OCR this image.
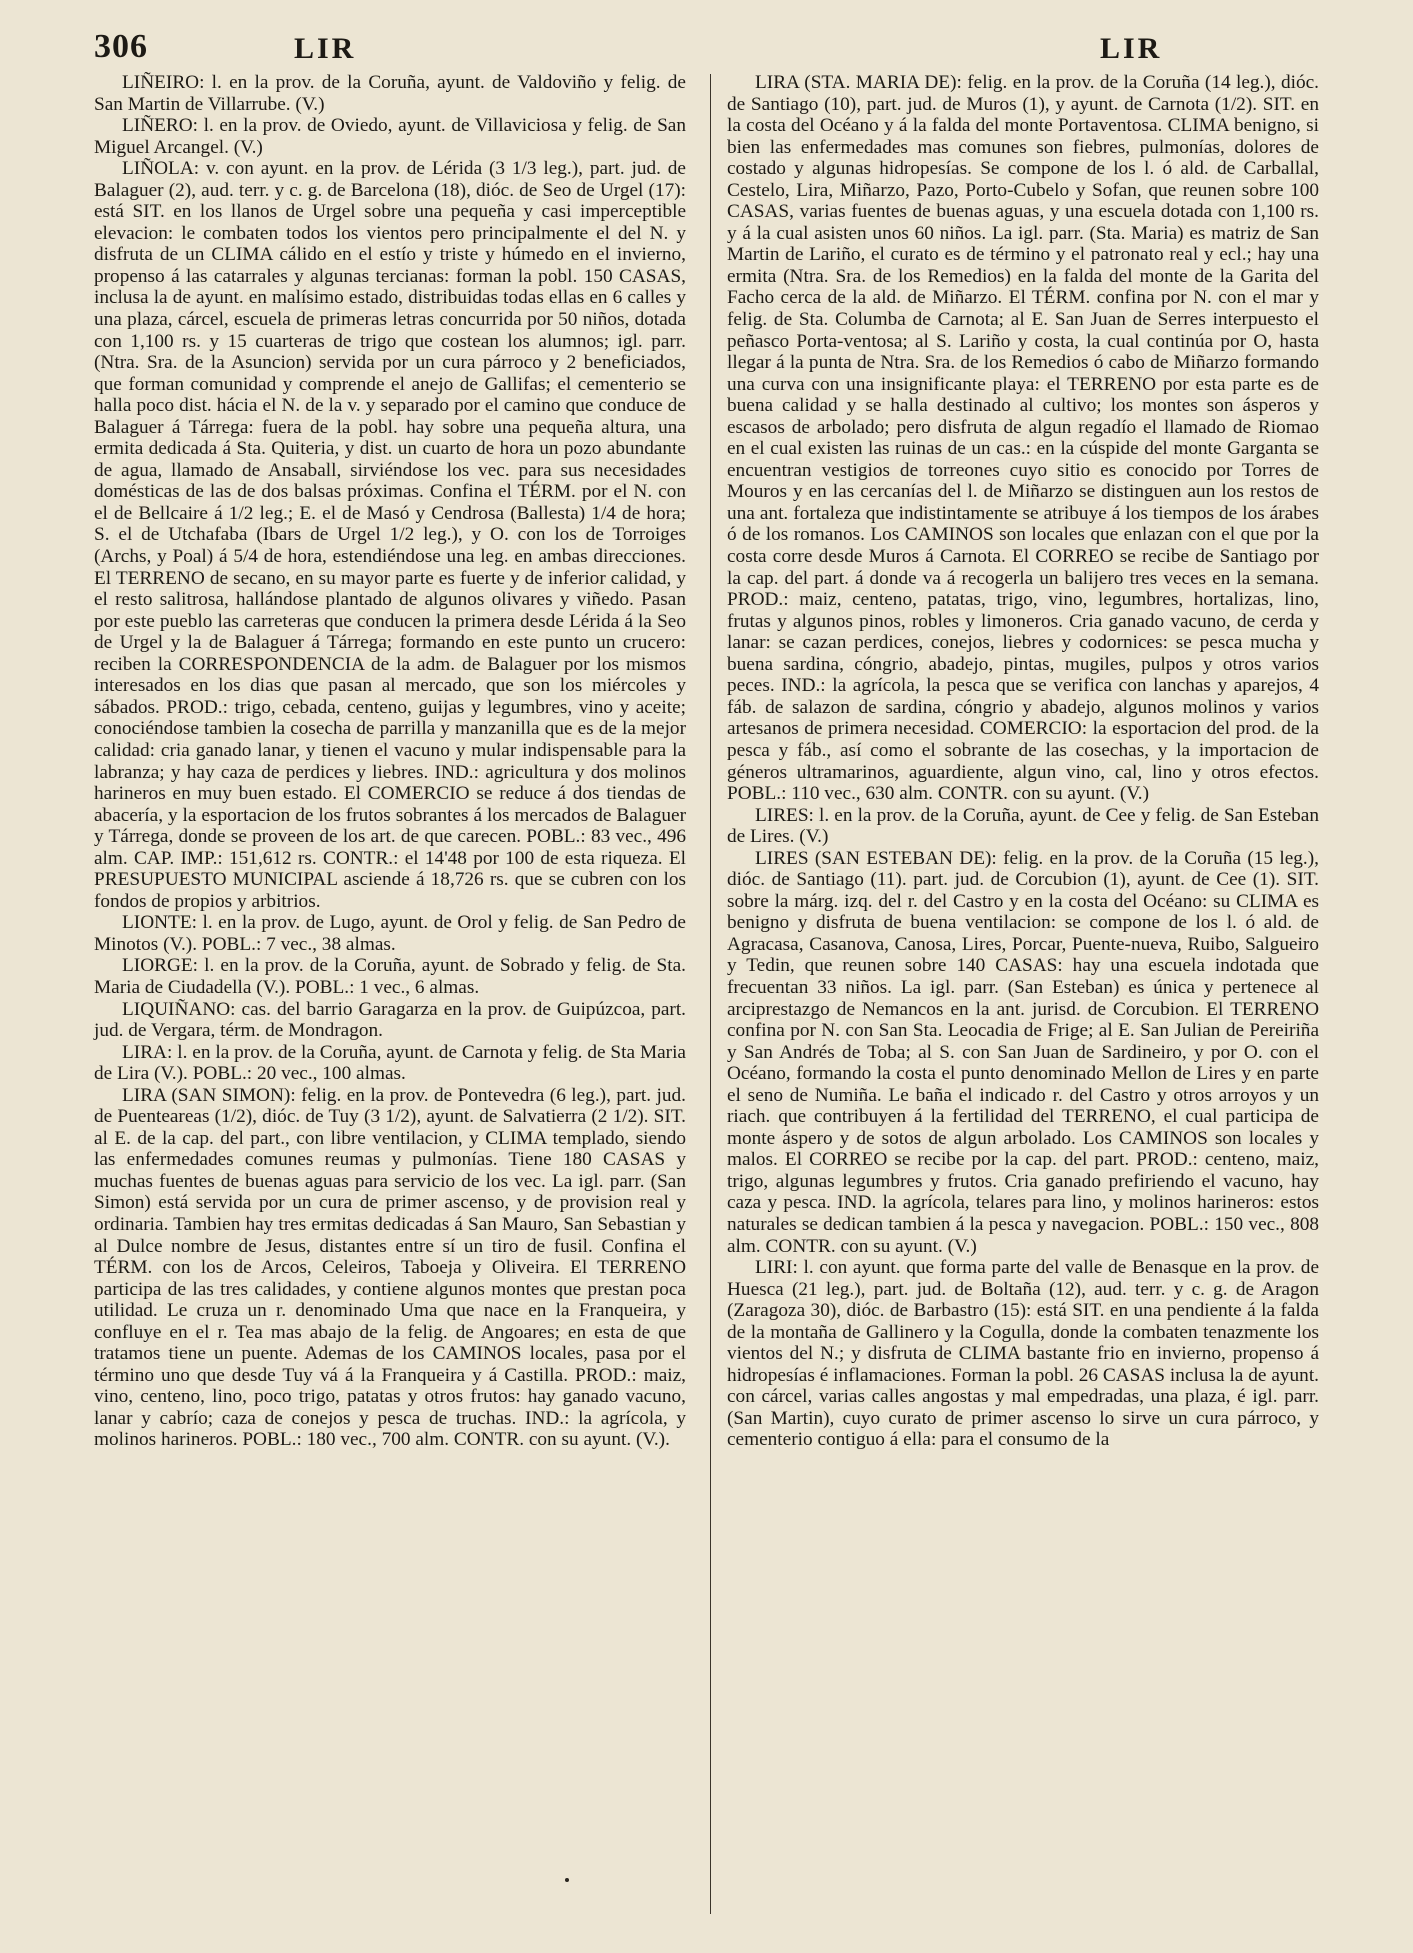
306	LIR	LIR

LIÑEIRO: l. en la prov. de la Coruña, ayunt. de Valdoviño y felig. de San Martin de Villarrube. (V.)

LIÑERO: l. en la prov. de Oviedo, ayunt. de Villaviciosa y felig. de San Miguel Arcangel. (V.)

LIÑOLA: v. con ayunt. en la prov. de Lérida (3 1/3 leg.), part. jud. de Balaguer (2), aud. terr. y c. g. de Barcelona (18), dióc. de Seo de Urgel (17): está SIT. en los llanos de Urgel sobre una pequeña y casi imperceptible elevacion: le combaten todos los vientos pero principalmente el del N. y disfruta de un CLIMA cálido en el estío y triste y húmedo en el invierno, propenso á las catarrales y algunas tercianas: forman la pobl. 150 CASAS, inclusa la de ayunt. en malísimo estado, distribuidas todas ellas en 6 calles y una plaza, cárcel, escuela de primeras letras concurrida por 50 niños, dotada con 1,100 rs. y 15 cuarteras de trigo que costean los alumnos; igl. parr. (Ntra. Sra. de la Asuncion) servida por un cura párroco y 2 beneficiados, que forman comunidad y comprende el anejo de Gallifas; el cementerio se halla poco dist. hácia el N. de la v. y separado por el camino que conduce de Balaguer á Tárrega: fuera de la pobl. hay sobre una pequeña altura, una ermita dedicada á Sta. Quiteria, y dist. un cuarto de hora un pozo abundante de agua, llamado de Ansaball, sirviéndose los vec. para sus necesidades domésticas de las de dos balsas próximas. Confina el TÉRM. por el N. con el de Bellcaire á 1/2 leg.; E. el de Masó y Cendrosa (Ballesta) 1/4 de hora; S. el de Utchafaba (Ibars de Urgel 1/2 leg.), y O. con los de Torroiges (Archs, y Poal) á 5/4 de hora, estendiéndose una leg. en ambas direcciones. El TERRENO de secano, en su mayor parte es fuerte y de inferior calidad, y el resto salitrosa, hallándose plantado de algunos olivares y viñedo. Pasan por este pueblo las carreteras que conducen la primera desde Lérida á la Seo de Urgel y la de Balaguer á Tárrega; formando en este punto un crucero: reciben la CORRESPONDENCIA de la adm. de Balaguer por los mismos interesados en los dias que pasan al mercado, que son los miércoles y sábados. PROD.: trigo, cebada, centeno, guijas y legumbres, vino y aceite; conociéndose tambien la cosecha de parrilla y manzanilla que es de la mejor calidad: cria ganado lanar, y tienen el vacuno y mular indispensable para la labranza; y hay caza de perdices y liebres. IND.: agricultura y dos molinos harineros en muy buen estado. El COMERCIO se reduce á dos tiendas de abacería, y la esportacion de los frutos sobrantes á los mercados de Balaguer y Tárrega, donde se proveen de los art. de que carecen. POBL.: 83 vec., 496 alm. CAP. IMP.: 151,612 rs. CONTR.: el 14'48 por 100 de esta riqueza. El PRESUPUESTO MUNICIPAL asciende á 18,726 rs. que se cubren con los fondos de propios y arbitrios.

LIONTE: l. en la prov. de Lugo, ayunt. de Orol y felig. de San Pedro de Minotos (V.). POBL.: 7 vec., 38 almas.

LIORGE: l. en la prov. de la Coruña, ayunt. de Sobrado y felig. de Sta. Maria de Ciudadella (V.). POBL.: 1 vec., 6 almas.

LIQUIÑANO: cas. del barrio Garagarza en la prov. de Guipúzcoa, part. jud. de Vergara, térm. de Mondragon.

LIRA: l. en la prov. de la Coruña, ayunt. de Carnota y felig. de Sta Maria de Lira (V.). POBL.: 20 vec., 100 almas.

LIRA (SAN SIMON): felig. en la prov. de Pontevedra (6 leg.), part. jud. de Puenteareas (1/2), dióc. de Tuy (3 1/2), ayunt. de Salvatierra (2 1/2). SIT. al E. de la cap. del part., con libre ventilacion, y CLIMA templado, siendo las enfermedades comunes reumas y pulmonías. Tiene 180 CASAS y muchas fuentes de buenas aguas para servicio de los vec. La igl. parr. (San Simon) está servida por un cura de primer ascenso, y de provision real y ordinaria. Tambien hay tres ermitas dedicadas á San Mauro, San Sebastian y al Dulce nombre de Jesus, distantes entre sí un tiro de fusil. Confina el TÉRM. con los de Arcos, Celeiros, Taboeja y Oliveira. El TERRENO participa de las tres calidades, y contiene algunos montes que prestan poca utilidad. Le cruza un r. denominado Uma que nace en la Franqueira, y confluye en el r. Tea mas abajo de la felig. de Angoares; en esta de que tratamos tiene un puente. Ademas de los CAMINOS locales, pasa por el término uno que desde Tuy vá á la Franqueira y á Castilla. PROD.: maiz, vino, centeno, lino, poco trigo, patatas y otros frutos: hay ganado vacuno, lanar y cabrío; caza de conejos y pesca de truchas. IND.: la agrícola, y molinos harineros. POBL.: 180 vec., 700 alm. CONTR. con su ayunt. (V.).

LIRA (STA. MARIA DE): felig. en la prov. de la Coruña (14 leg.), dióc. de Santiago (10), part. jud. de Muros (1), y ayunt. de Carnota (1/2). SIT. en la costa del Océano y á la falda del monte Portaventosa. CLIMA benigno, si bien las enfermedades mas comunes son fiebres, pulmonías, dolores de costado y algunas hidropesías. Se compone de los l. ó ald. de Carballal, Cestelo, Lira, Miñarzo, Pazo, Porto-Cubelo y Sofan, que reunen sobre 100 CASAS, varias fuentes de buenas aguas, y una escuela dotada con 1,100 rs. y á la cual asisten unos 60 niños. La igl. parr. (Sta. Maria) es matriz de San Martin de Lariño, el curato es de término y el patronato real y ecl.; hay una ermita (Ntra. Sra. de los Remedios) en la falda del monte de la Garita del Facho cerca de la ald. de Miñarzo. El TÉRM. confina por N. con el mar y felig. de Sta. Columba de Carnota; al E. San Juan de Serres interpuesto el peñasco Porta-ventosa; al S. Lariño y costa, la cual continúa por O, hasta llegar á la punta de Ntra. Sra. de los Remedios ó cabo de Miñarzo formando una curva con una insignificante playa: el TERRENO por esta parte es de buena calidad y se halla destinado al cultivo; los montes son ásperos y escasos de arbolado; pero disfruta de algun regadío el llamado de Riomao en el cual existen las ruinas de un cas.: en la cúspide del monte Garganta se encuentran vestigios de torreones cuyo sitio es conocido por Torres de Mouros y en las cercanías del l. de Miñarzo se distinguen aun los restos de una ant. fortaleza que indistintamente se atribuye á los tiempos de los árabes ó de los romanos. Los CAMINOS son locales que enlazan con el que por la costa corre desde Muros á Carnota. El CORREO se recibe de Santiago por la cap. del part. á donde va á recogerla un balijero tres veces en la semana. PROD.: maiz, centeno, patatas, trigo, vino, legumbres, hortalizas, lino, frutas y algunos pinos, robles y limoneros. Cria ganado vacuno, de cerda y lanar: se cazan perdices, conejos, liebres y codornices: se pesca mucha y buena sardina, cóngrio, abadejo, pintas, mugiles, pulpos y otros varios peces. IND.: la agrícola, la pesca que se verifica con lanchas y aparejos, 4 fáb. de salazon de sardina, cóngrio y abadejo, algunos molinos y varios artesanos de primera necesidad. COMERCIO: la esportacion del prod. de la pesca y fáb., así como el sobrante de las cosechas, y la importacion de géneros ultramarinos, aguardiente, algun vino, cal, lino y otros efectos. POBL.: 110 vec., 630 alm. CONTR. con su ayunt. (V.)

LIRES: l. en la prov. de la Coruña, ayunt. de Cee y felig. de San Esteban de Lires. (V.)

LIRES (SAN ESTEBAN DE): felig. en la prov. de la Coruña (15 leg.), dióc. de Santiago (11). part. jud. de Corcubion (1), ayunt. de Cee (1). SIT. sobre la márg. izq. del r. del Castro y en la costa del Océano: su CLIMA es benigno y disfruta de buena ventilacion: se compone de los l. ó ald. de Agracasa, Casanova, Canosa, Lires, Porcar, Puente-nueva, Ruibo, Salgueiro y Tedin, que reunen sobre 140 CASAS: hay una escuela indotada que frecuentan 33 niños. La igl. parr. (San Esteban) es única y pertenece al arciprestazgo de Nemancos en la ant. jurisd. de Corcubion. El TERRENO confina por N. con San Sta. Leocadia de Frige; al E. San Julian de Pereiriña y San Andrés de Toba; al S. con San Juan de Sardineiro, y por O. con el Océano, formando la costa el punto denominado Mellon de Lires y en parte el seno de Numiña. Le baña el indicado r. del Castro y otros arroyos y un riach. que contribuyen á la fertilidad del TERRENO, el cual participa de monte áspero y de sotos de algun arbolado. Los CAMINOS son locales y malos. El CORREO se recibe por la cap. del part. PROD.: centeno, maiz, trigo, algunas legumbres y frutos. Cria ganado prefiriendo el vacuno, hay caza y pesca. IND. la agrícola, telares para lino, y molinos harineros: estos naturales se dedican tambien á la pesca y navegacion. POBL.: 150 vec., 808 alm. CONTR. con su ayunt. (V.)

LIRI: l. con ayunt. que forma parte del valle de Benasque en la prov. de Huesca (21 leg.), part. jud. de Boltaña (12), aud. terr. y c. g. de Aragon (Zaragoza 30), dióc. de Barbastro (15): está SIT. en una pendiente á la falda de la montaña de Gallinero y la Cogulla, donde la combaten tenazmente los vientos del N.; y disfruta de CLIMA bastante frio en invierno, propenso á hidropesías é inflamaciones. Forman la pobl. 26 CASAS inclusa la de ayunt. con cárcel, varias calles angostas y mal empedradas, una plaza, é igl. parr. (San Martin), cuyo curato de primer ascenso lo sirve un cura párroco, y cementerio contiguo á ella: para el consumo de la
